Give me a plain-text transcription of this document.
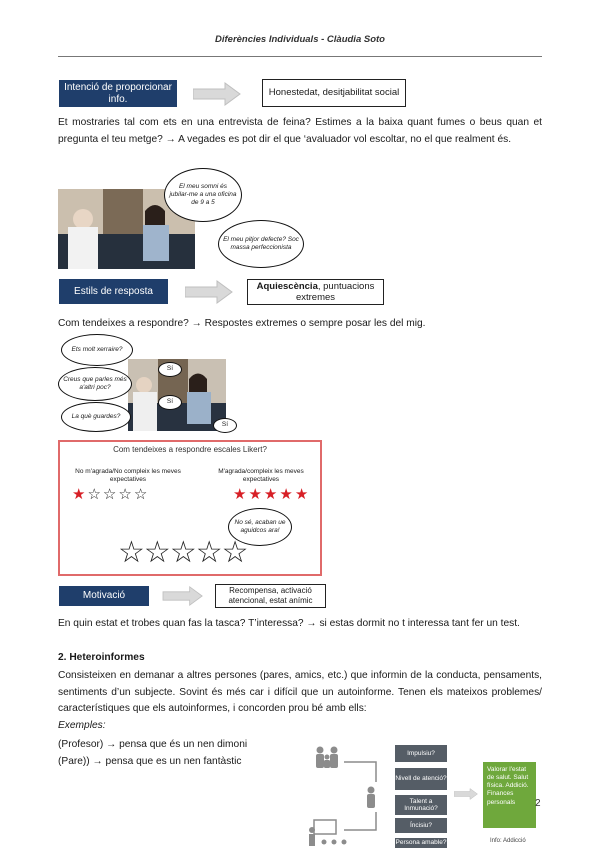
Diferències Individuals - Clàudia Soto
Intenció de proporcionar info.
Honestedat, desitjabilitat social
Et mostraries tal com ets en una entrevista de feina? Estimes a la baixa quant fumes o beus quan et pregunta el teu metge? → A vegades es pot dir el que ‘avaluador vol escoltar, no el que realment és.
El meu somni és jubilar-me a una oficina de 9 a 5
El meu pitjor defecte? Soc massa perfeccionista
Estils de resposta	Aquiescència, puntuacions extremes
Com tendeixes a respondre? → Respostes extremes o sempre posar les del mig.
Ets molt xerraire?
Creus que parles més a'altri poc?
La què guardes?
Sí
Sí
Sí
Com tendeixes a respondre escales Likert?
No m'agrada/No compleix les meves expectatives
M'agrada/compleix les meves expectatives
★☆☆☆☆	★★★★★
No sé, acaban ue aguidcos ara!
☆☆☆☆☆
Motivació	Recompensa, activació atencional, estat anímic
En quin estat et trobes quan fas la tasca? T’interessa? → si estas dormit no t interessa tant fer un test.
2. Heteroinformes
Consisteixen en demanar a altres persones (pares, amics, etc.) que informin de la conducta, pensaments, sentiments d’un subjecte. Sovint és més car i difícil que un autoinforme. Tenen els mateixos problemes/ característiques que els autoinformes, i concorden prou bé amb ells:
Exemples:
(Profesor) → pensa que és un nen dimoni
(Pare)) → pensa que es un nen fantàstic
Impulsiu?
Nivell de atenció?
Talent a Inmunació?
Íncisiu?
Persona amable?
Valorar l'estat de salut. Salut física. Addició. Finances personals
Info: Addicció
2
